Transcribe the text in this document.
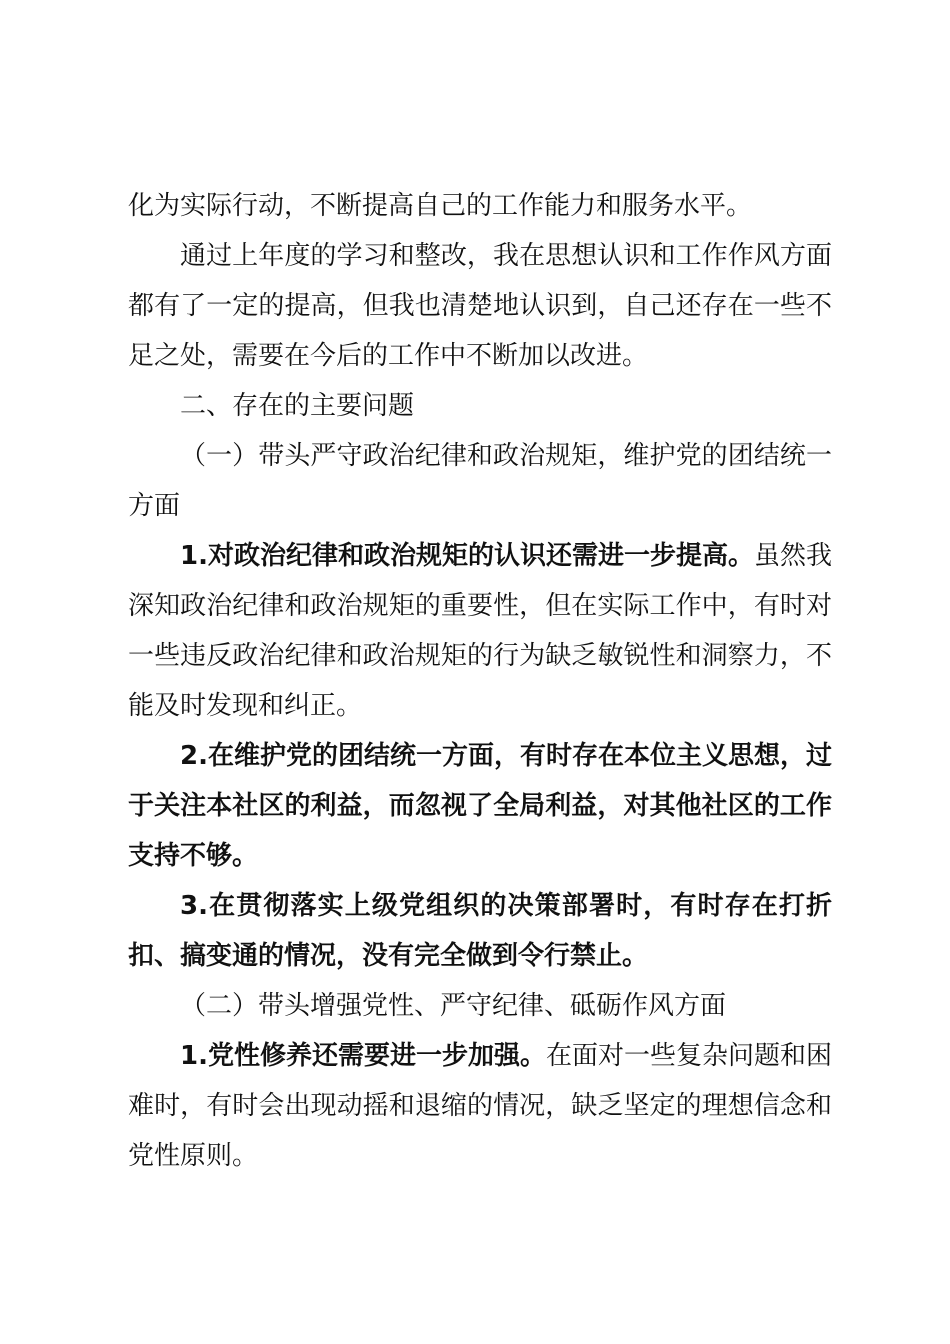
化为实际行动，不断提高自己的工作能力和服务水平。

通过上年度的学习和整改，我在思想认识和工作作风方面都有了一定的提高，但我也清楚地认识到，自己还存在一些不足之处，需要在今后的工作中不断加以改进。

二、存在的主要问题

（一）带头严守政治纪律和政治规矩，维护党的团结统一方面

1.对政治纪律和政治规矩的认识还需进一步提高。虽然我深知政治纪律和政治规矩的重要性，但在实际工作中，有时对一些违反政治纪律和政治规矩的行为缺乏敏锐性和洞察力，不能及时发现和纠正。

2.在维护党的团结统一方面，有时存在本位主义思想，过于关注本社区的利益，而忽视了全局利益，对其他社区的工作支持不够。

3.在贯彻落实上级党组织的决策部署时，有时存在打折扣、搞变通的情况，没有完全做到令行禁止。

（二）带头增强党性、严守纪律、砥砺作风方面

1.党性修养还需要进一步加强。在面对一些复杂问题和困难时，有时会出现动摇和退缩的情况，缺乏坚定的理想信念和党性原则。
